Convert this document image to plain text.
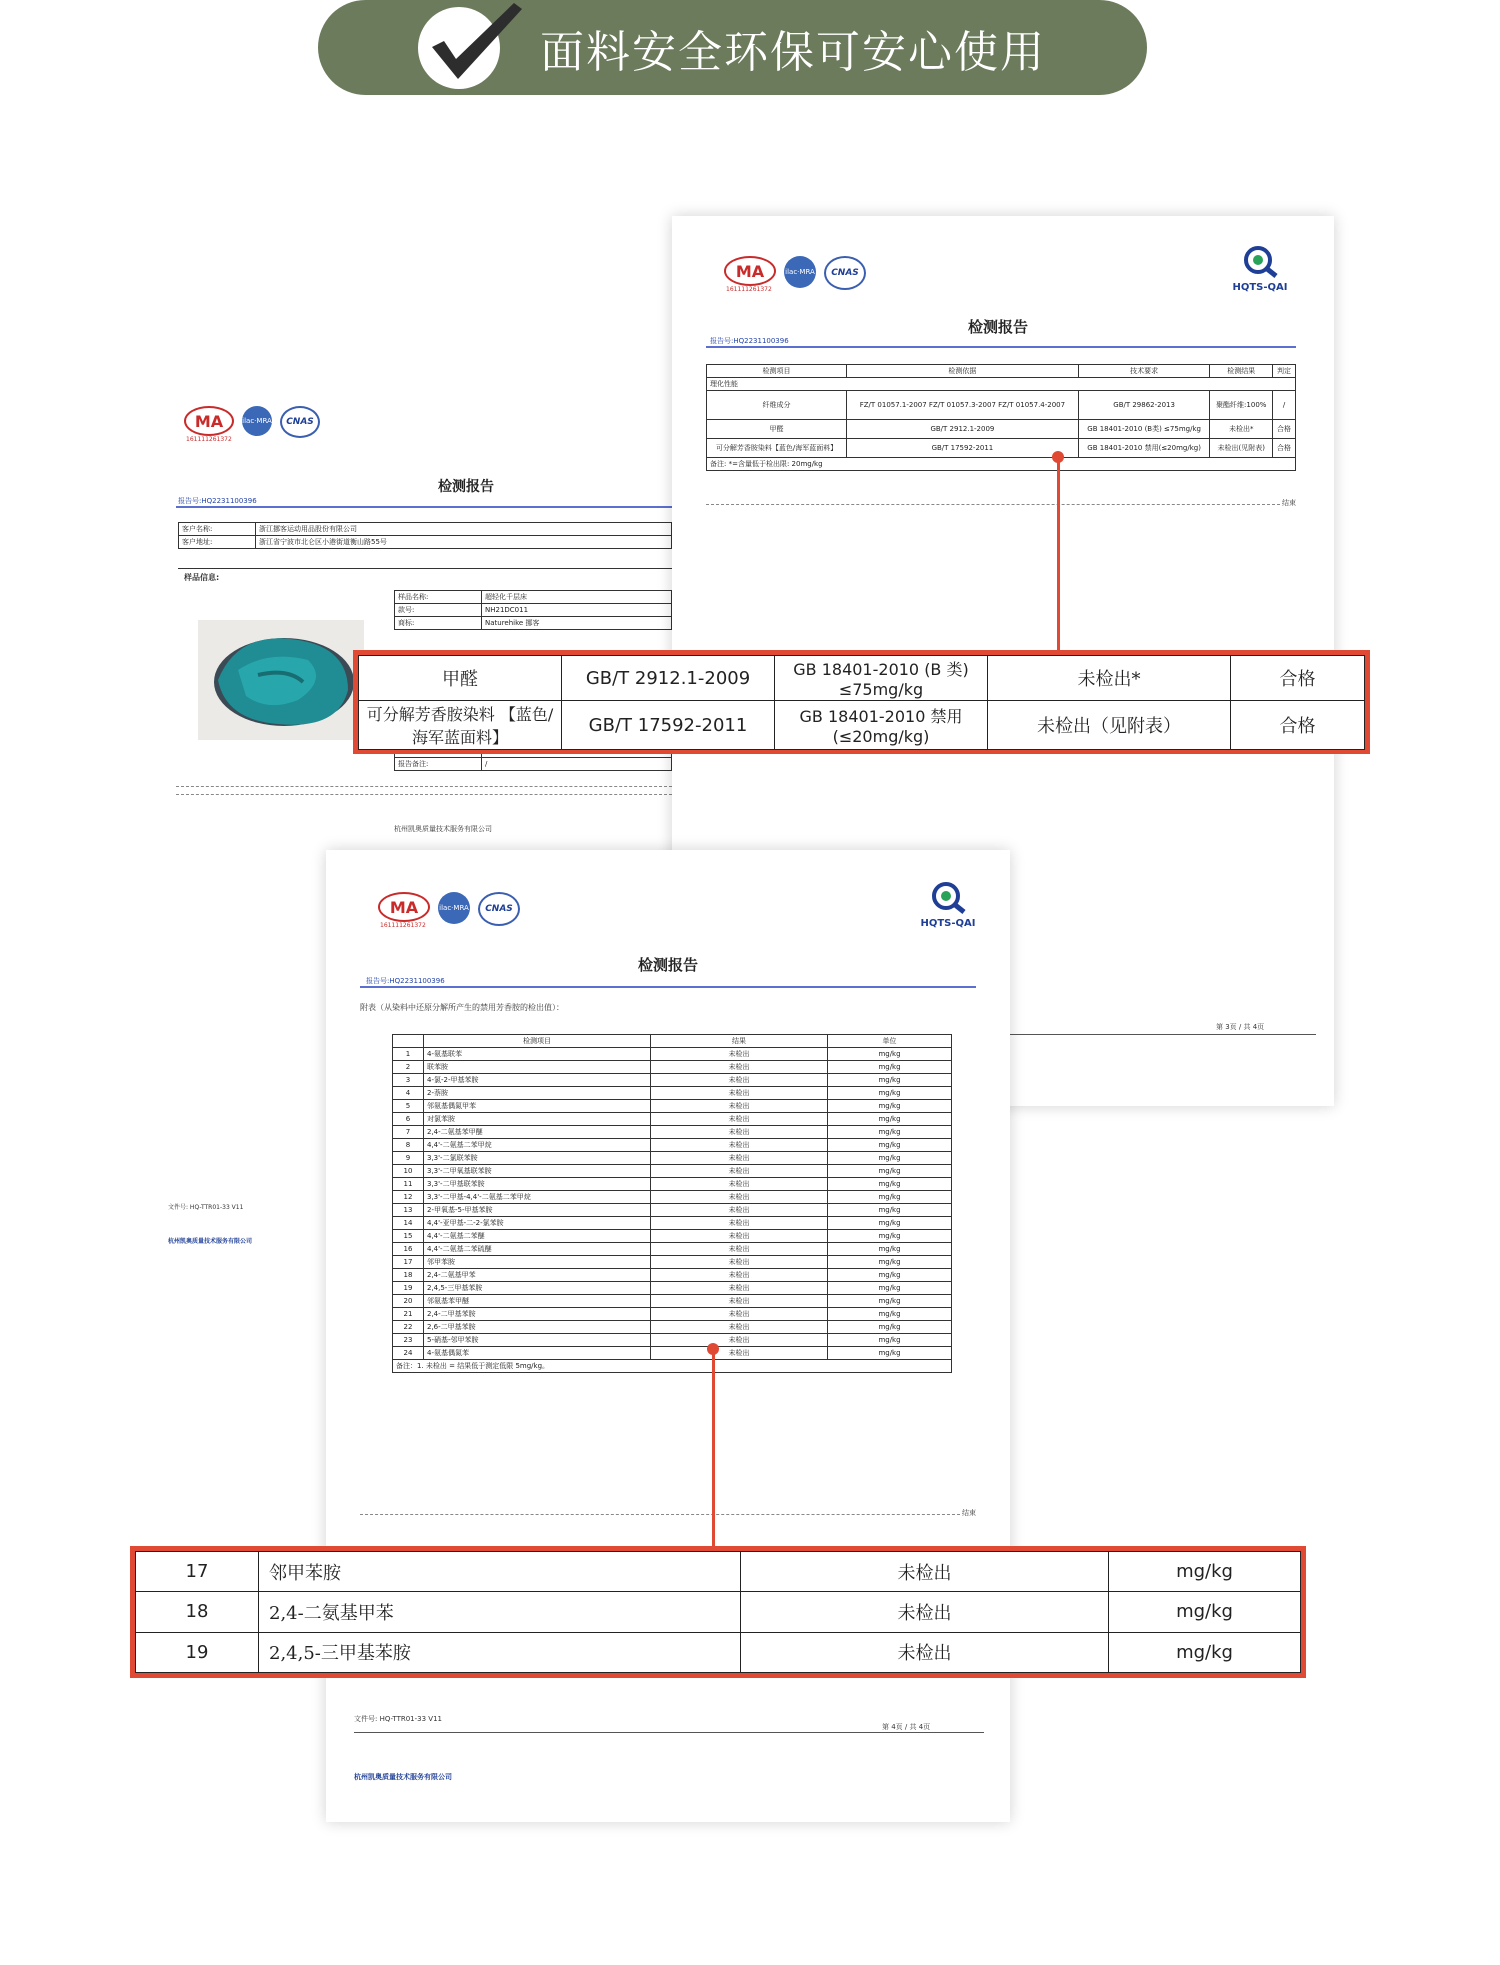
面料安全环保可安心使用
MA
161111261372
ilac·MRA CNAS
检测报告
报告号:HQ2231100396
客户名称:	浙江挪客运动用品股份有限公司
客户地址:	浙江省宁波市北仑区小港街道衡山路55号
样品信息:
样品名称:	超轻化千层床
款号:	NH21DC011
商标:	Naturehike 挪客

报告备注:	/
杭州凯奥质量技术服务有限公司
MA
161111261372
ilac·MRA CNAS
HQTS-QAI
检测报告
报告号:HQ2231100396
检测项目	检测依据	技术要求	检测结果	判定
理化性能				
纤维成分	FZ/T 01057.1-2007 FZ/T 01057.3-2007 FZ/T 01057.4-2007	GB/T 29862-2013	聚酯纤维:100%	/
甲醛	GB/T 2912.1-2009	GB 18401-2010 (B类) ≤75mg/kg	未检出*	合格
可分解芳香胺染料【蓝色/海军蓝面料】	GB/T 17592-2011	GB 18401-2010 禁用(≤20mg/kg)	未检出(见附表)	合格
备注: *=含量低于检出限: 20mg/kg				
结束
第 3页 / 共 4页
甲醛	GB/T 2912.1-2009	GB 18401-2010 (B 类) ≤75mg/kg	未检出*	合格
可分解芳香胺染料 【蓝色/海军蓝面料】	GB/T 17592-2011	GB 18401-2010 禁用(≤20mg/kg)	未检出（见附表）	合格
文件号: HQ-TTR01-33 V11
杭州凯奥质量技术服务有限公司
MA
161111261372
ilac·MRA CNAS
HQTS-QAI
检测报告
报告号:HQ2231100396
附表（从染料中还原分解所产生的禁用芳香胺的检出值）：
	检测项目	结果	单位
1	4-氨基联苯	未检出	mg/kg
2	联苯胺	未检出	mg/kg
3	4-氯-2-甲基苯胺	未检出	mg/kg
4	2-萘胺	未检出	mg/kg
5	邻氨基偶氮甲苯	未检出	mg/kg
6	对氯苯胺	未检出	mg/kg
7	2,4-二氨基苯甲醚	未检出	mg/kg
8	4,4'-二氨基二苯甲烷	未检出	mg/kg
9	3,3'-二氯联苯胺	未检出	mg/kg
10	3,3'-二甲氧基联苯胺	未检出	mg/kg
11	3,3'-二甲基联苯胺	未检出	mg/kg
12	3,3'-二甲基-4,4'-二氨基二苯甲烷	未检出	mg/kg
13	2-甲氧基-5-甲基苯胺	未检出	mg/kg
14	4,4'-亚甲基-二-2-氯苯胺	未检出	mg/kg
15	4,4'-二氨基二苯醚	未检出	mg/kg
16	4,4'-二氨基二苯硫醚	未检出	mg/kg
17	邻甲苯胺	未检出	mg/kg
18	2,4-二氨基甲苯	未检出	mg/kg
19	2,4,5-三甲基苯胺	未检出	mg/kg
20	邻氨基苯甲醚	未检出	mg/kg
21	2,4-二甲基苯胺	未检出	mg/kg
22	2,6-二甲基苯胺	未检出	mg/kg
23	5-硝基-邻甲苯胺	未检出	mg/kg
24	4-氨基偶氮苯	未检出	mg/kg
备注：1. 未检出 = 结果低于测定低限 5mg/kg。			
结束
第 4页 / 共 4页
文件号: HQ-TTR01-33 V11
杭州凯奥质量技术服务有限公司
17	邻甲苯胺	未检出	mg/kg
18	2,4-二氨基甲苯	未检出	mg/kg
19	2,4,5-三甲基苯胺	未检出	mg/kg
